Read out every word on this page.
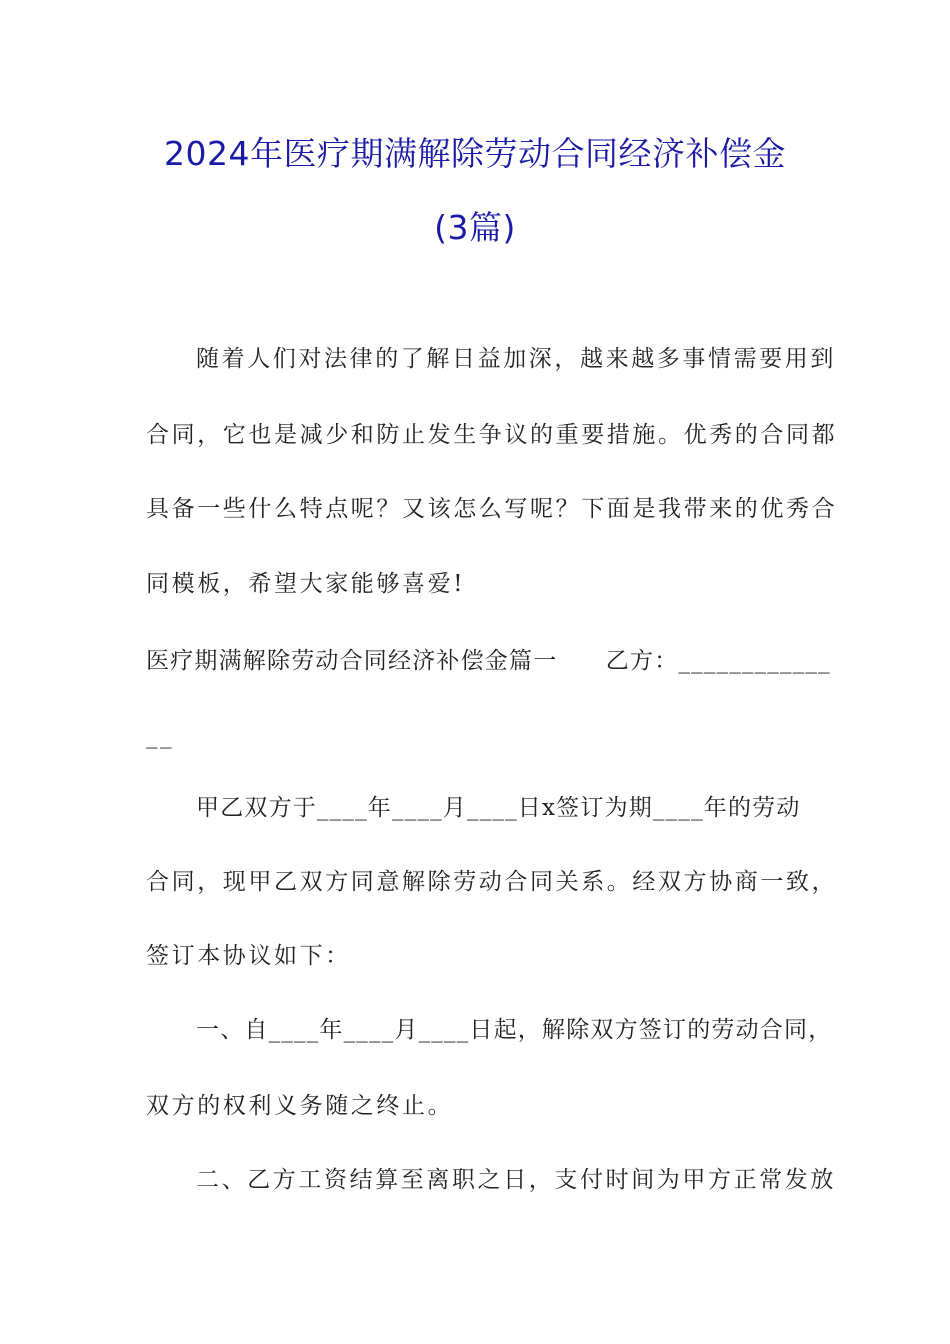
2024年医疗期满解除劳动合同经济补偿金
(3篇)
随着人们对法律的了解日益加深，越来越多事情需要用到
合同，它也是减少和防止发生争议的重要措施。优秀的合同都
具备一些什么特点呢？又该怎么写呢？下面是我带来的优秀合
同模板，希望大家能够喜爱!
医疗期满解除劳动合同经济补偿金篇一　　乙方：____________
__
甲乙双方于____年____月____日x签订为期____年的劳动
合同，现甲乙双方同意解除劳动合同关系。经双方协商一致，
签订本协议如下：
一、自____年____月____日起，解除双方签订的劳动合同，
双方的权利义务随之终止。
二、乙方工资结算至离职之日，支付时间为甲方正常发放
